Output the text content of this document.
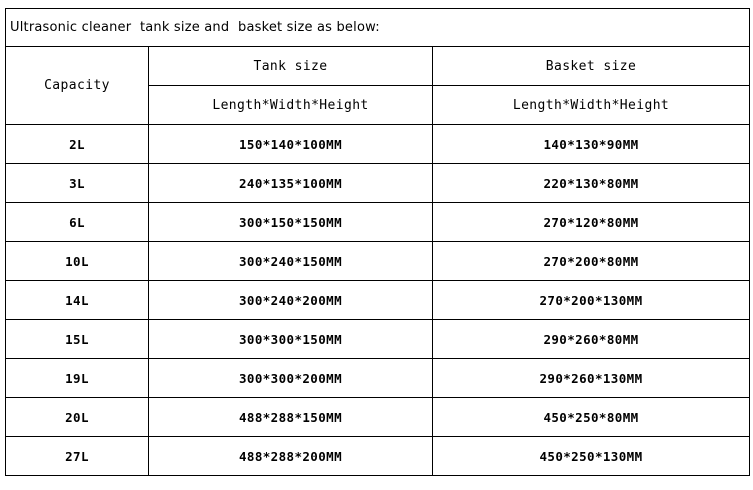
Ultrasonic cleaner  tank size and  basket size as below:		
Capacity	Tank size	Basket size
	Length*Width*Height	Length*Width*Height
2L	150*140*100MM	140*130*90MM
3L	240*135*100MM	220*130*80MM
6L	300*150*150MM	270*120*80MM
10L	300*240*150MM	270*200*80MM
14L	300*240*200MM	270*200*130MM
15L	300*300*150MM	290*260*80MM
19L	300*300*200MM	290*260*130MM
20L	488*288*150MM	450*250*80MM
27L	488*288*200MM	450*250*130MM
